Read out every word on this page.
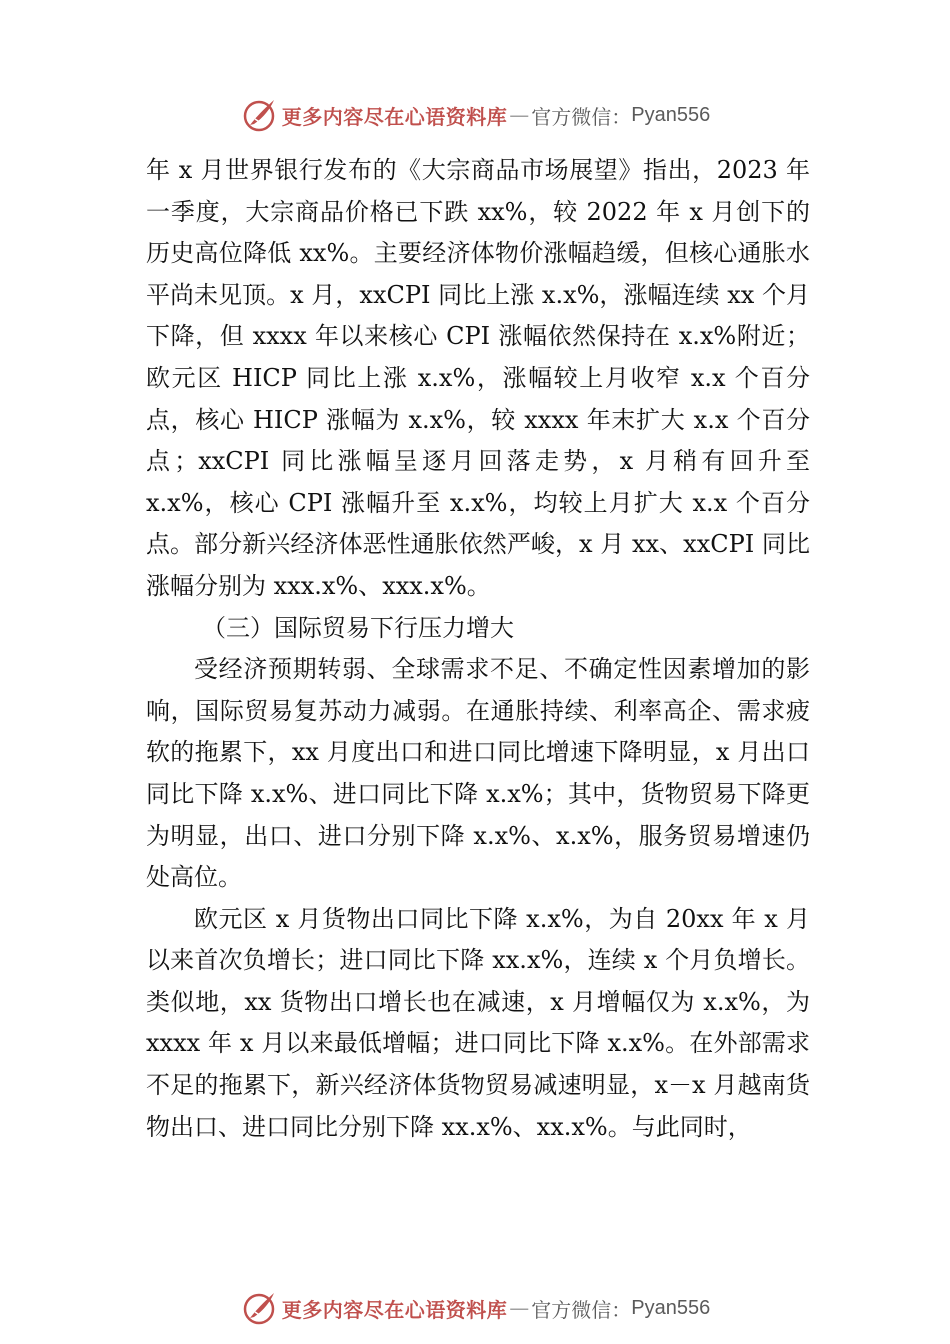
更多内容尽在心语资料库 — 官方微信： Pyan556

年 x 月世界银行发布的《大宗商品市场展望》指出，2023 年一季度，大宗商品价格已下跌 xx%，较 2022 年 x 月创下的历史高位降低 xx%。主要经济体物价涨幅趋缓，但核心通胀水平尚未见顶。x 月，xxCPI 同比上涨 x.x%，涨幅连续 xx 个月下降，但 xxxx 年以来核心 CPI 涨幅依然保持在 x.x%附近；欧元区 HICP 同比上涨 x.x%，涨幅较上月收窄 x.x 个百分点，核心 HICP 涨幅为 x.x%，较 xxxx 年末扩大 x.x 个百分点；xxCPI 同比涨幅呈逐月回落走势，x 月稍有回升至 x.x%，核心 CPI 涨幅升至 x.x%，均较上月扩大 x.x 个百分点。部分新兴经济体恶性通胀依然严峻，x 月 xx、xxCPI 同比涨幅分别为 xxx.x%、xxx.x%。

（三）国际贸易下行压力增大

受经济预期转弱、全球需求不足、不确定性因素增加的影响，国际贸易复苏动力减弱。在通胀持续、利率高企、需求疲软的拖累下，xx 月度出口和进口同比增速下降明显，x 月出口同比下降 x.x%、进口同比下降 x.x%；其中，货物贸易下降更为明显，出口、进口分别下降 x.x%、x.x%，服务贸易增速仍处高位。

欧元区 x 月货物出口同比下降 x.x%，为自 20xx 年 x 月以来首次负增长；进口同比下降 xx.x%，连续 x 个月负增长。类似地，xx 货物出口增长也在减速，x 月增幅仅为 x.x%，为 xxxx 年 x 月以来最低增幅；进口同比下降 x.x%。在外部需求不足的拖累下，新兴经济体货物贸易减速明显，x－x 月越南货物出口、进口同比分别下降 xx.x%、xx.x%。与此同时，

更多内容尽在心语资料库 — 官方微信： Pyan556
